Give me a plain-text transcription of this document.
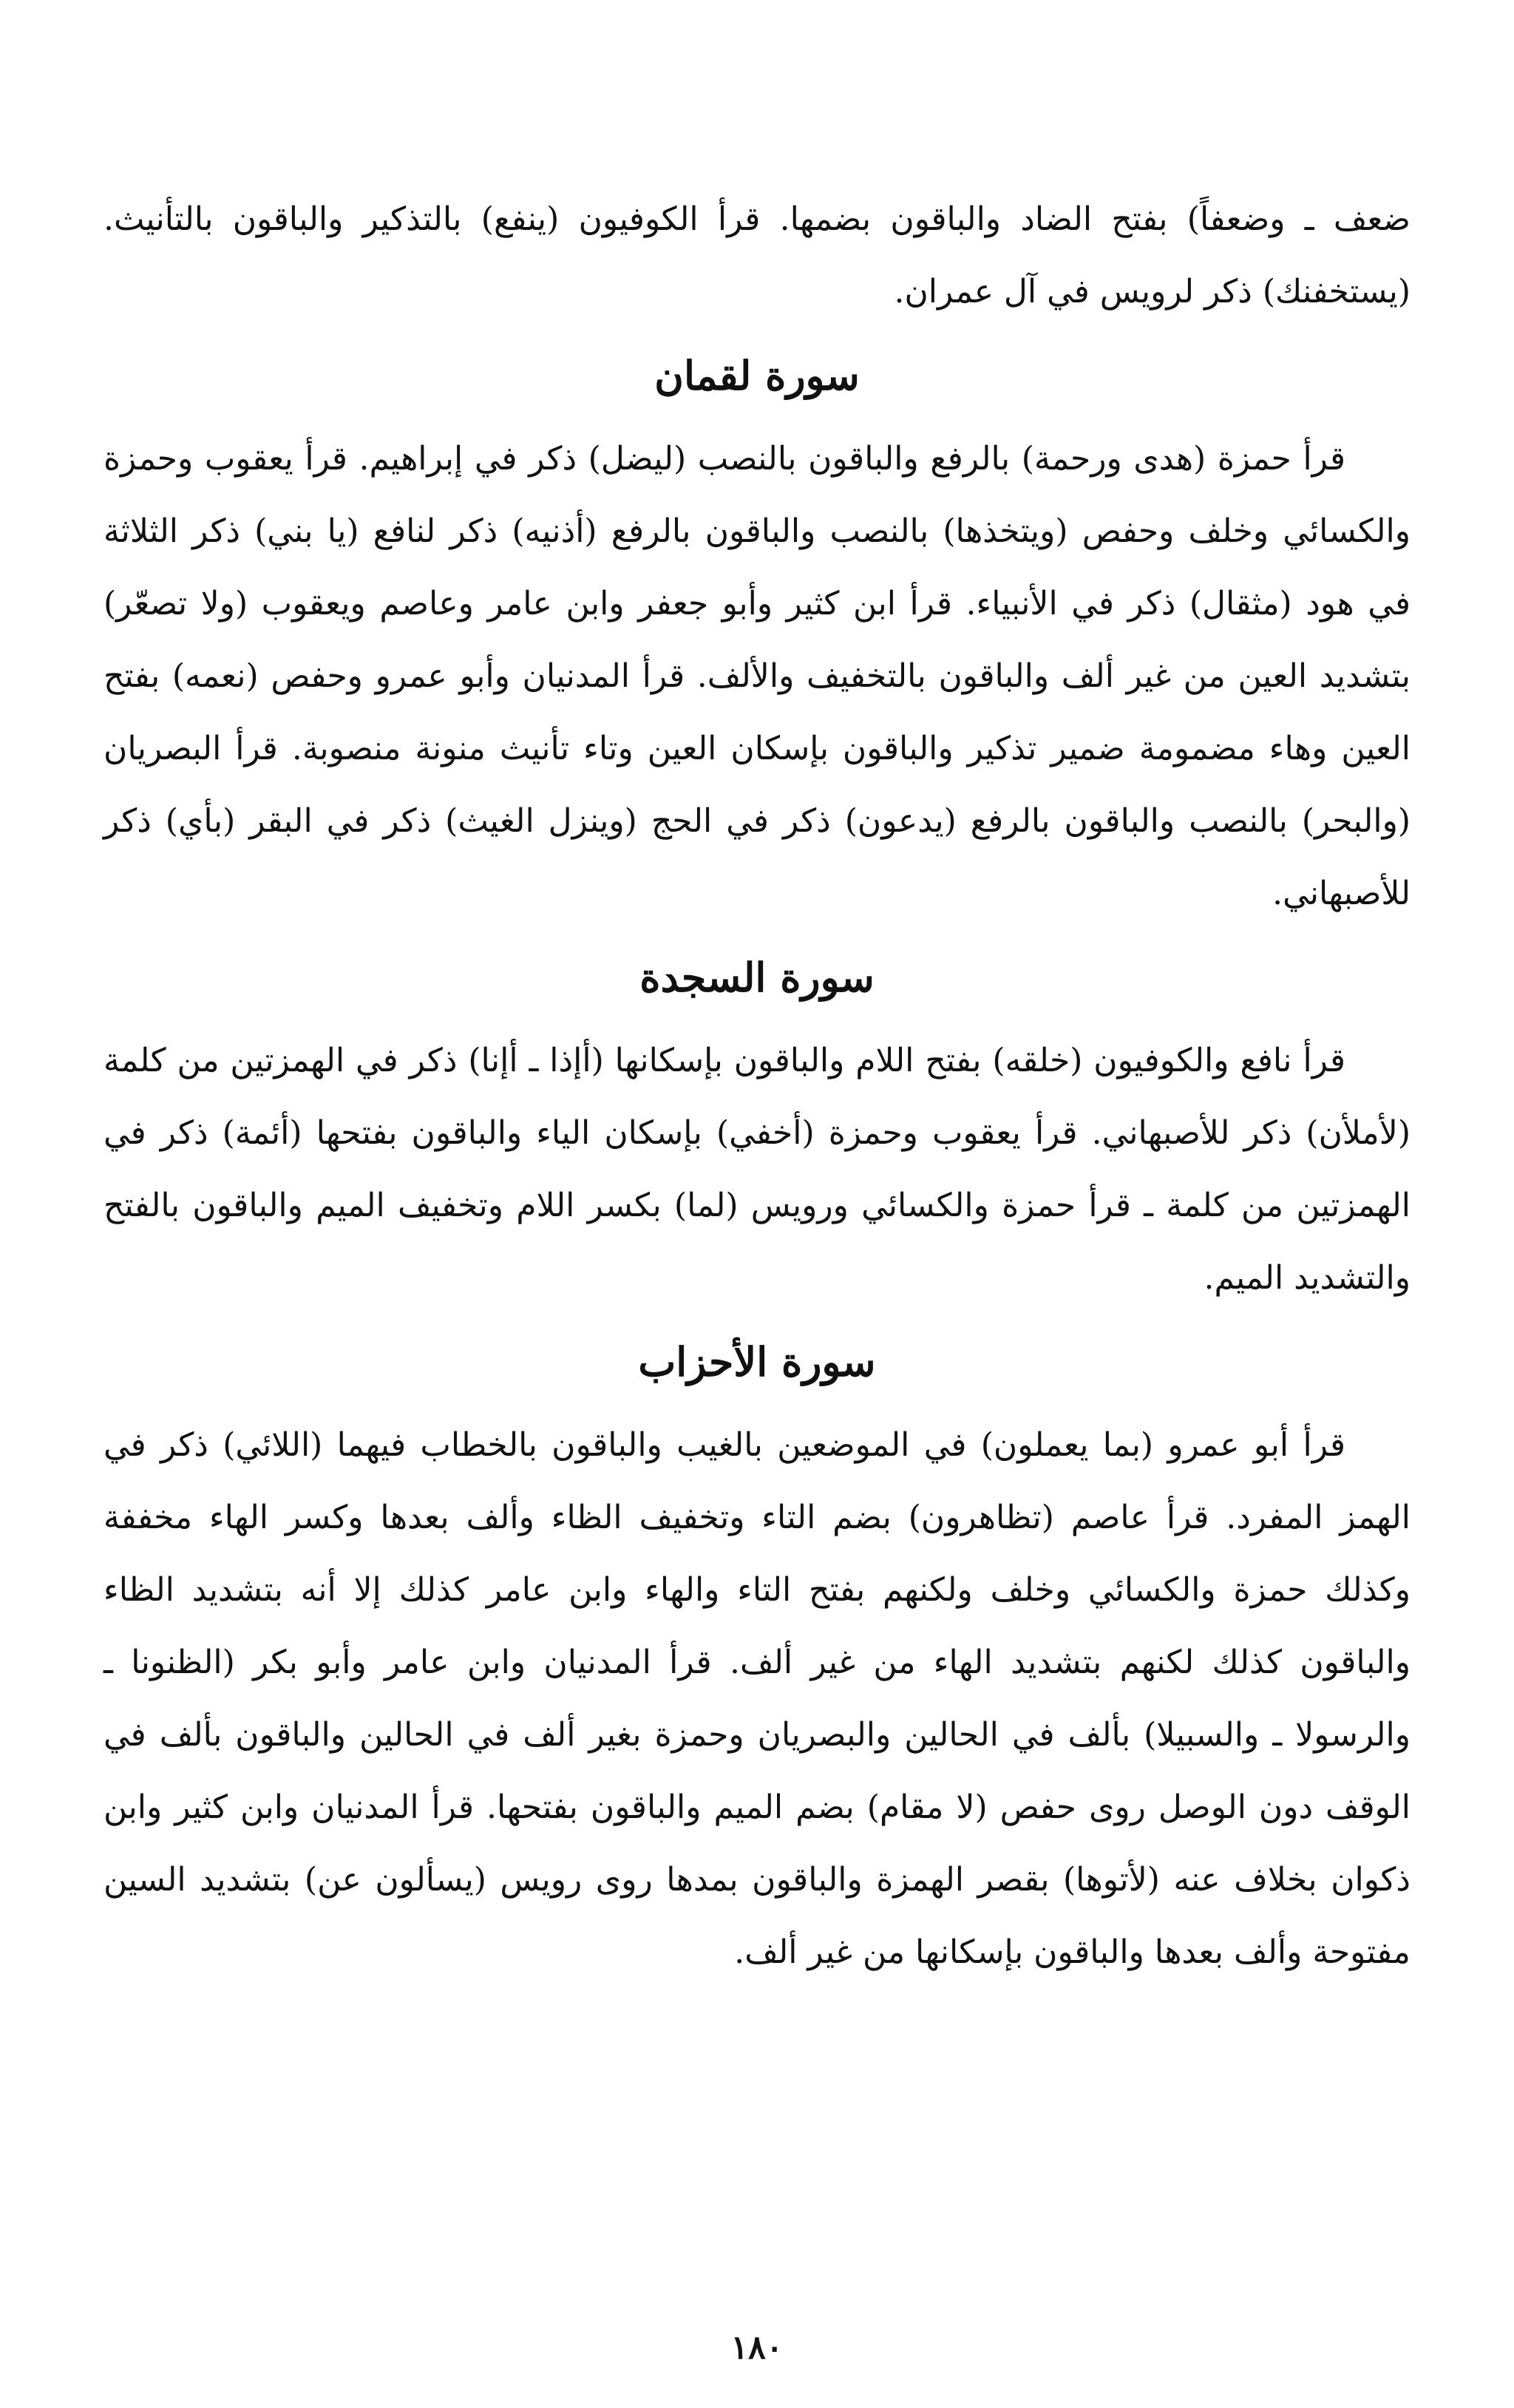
ضعف ـ وضعفاً) بفتح الضاد والباقون بضمها. قرأ الكوفيون (ينفع) بالتذكير والباقون بالتأنيث. (يستخفنك) ذكر لرويس في آل عمران.

سورة لقمان

قرأ حمزة (هدى ورحمة) بالرفع والباقون بالنصب (ليضل) ذكر في إبراهيم. قرأ يعقوب وحمزة والكسائي وخلف وحفص (ويتخذها) بالنصب والباقون بالرفع (أذنيه) ذكر لنافع (يا بني) ذكر الثلاثة في هود (مثقال) ذكر في الأنبياء. قرأ ابن كثير وأبو جعفر وابن عامر وعاصم ويعقوب (ولا تصعّر) بتشديد العين من غير ألف والباقون بالتخفيف والألف. قرأ المدنيان وأبو عمرو وحفص (نعمه) بفتح العين وهاء مضمومة ضمير تذكير والباقون بإسكان العين وتاء تأنيث منونة منصوبة. قرأ البصريان (والبحر) بالنصب والباقون بالرفع (يدعون) ذكر في الحج (وينزل الغيث) ذكر في البقر (بأي) ذكر للأصبهاني.

سورة السجدة

قرأ نافع والكوفيون (خلقه) بفتح اللام والباقون بإسكانها (أإذا ـ أإنا) ذكر في الهمزتين من كلمة (لأملأن) ذكر للأصبهاني. قرأ يعقوب وحمزة (أخفي) بإسكان الياء والباقون بفتحها (أئمة) ذكر في الهمزتين من كلمة ـ قرأ حمزة والكسائي ورويس (لما) بكسر اللام وتخفيف الميم والباقون بالفتح والتشديد الميم.

سورة الأحزاب

قرأ أبو عمرو (بما يعملون) في الموضعين بالغيب والباقون بالخطاب فيهما (اللائي) ذكر في الهمز المفرد. قرأ عاصم (تظاهرون) بضم التاء وتخفيف الظاء وألف بعدها وكسر الهاء مخففة وكذلك حمزة والكسائي وخلف ولكنهم بفتح التاء والهاء وابن عامر كذلك إلا أنه بتشديد الظاء والباقون كذلك لكنهم بتشديد الهاء من غير ألف. قرأ المدنيان وابن عامر وأبو بكر (الظنونا ـ والرسولا ـ والسبيلا) بألف في الحالين والبصريان وحمزة بغير ألف في الحالين والباقون بألف في الوقف دون الوصل روى حفص (لا مقام) بضم الميم والباقون بفتحها. قرأ المدنيان وابن كثير وابن ذكوان بخلاف عنه (لأتوها) بقصر الهمزة والباقون بمدها روى رويس (يسألون عن) بتشديد السين مفتوحة وألف بعدها والباقون بإسكانها من غير ألف.

١٨٠
